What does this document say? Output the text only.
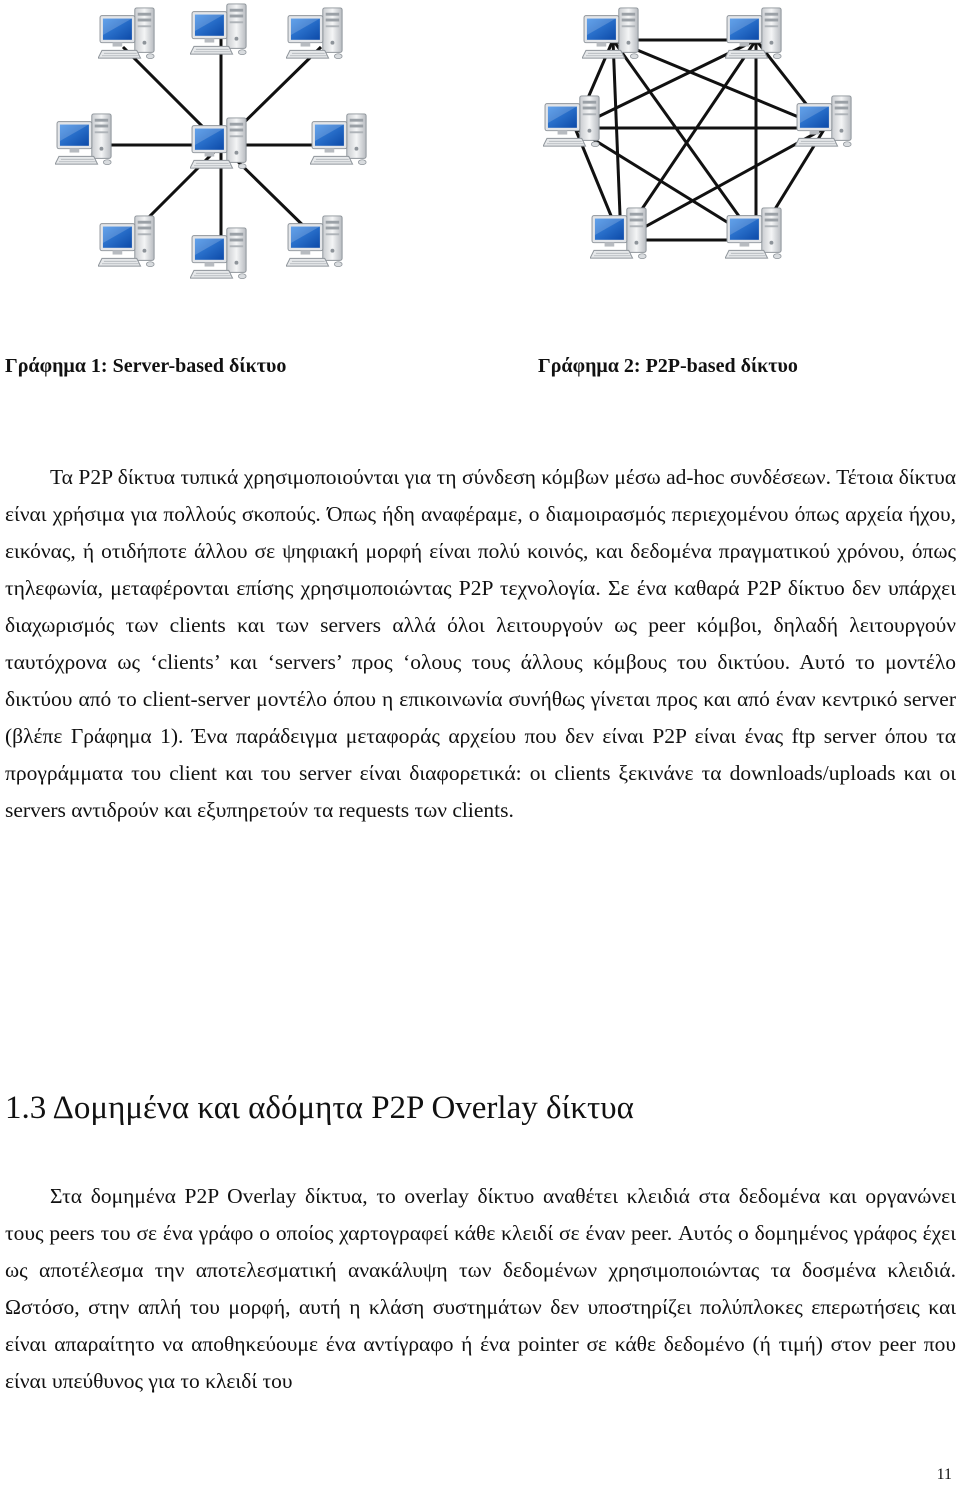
Γράφημα 1: Server-based δίκτυο	Γράφημα 2: P2P-based δίκτυο

Τα P2P δίκτυα τυπικά χρησιμοποιούνται για τη σύνδεση κόμβων μέσω ad-hoc συνδέσεων. Τέτοια δίκτυα είναι χρήσιμα για πολλούς σκοπούς. Όπως ήδη αναφέραμε, ο διαμοιρασμός περιεχομένου όπως αρχεία ήχου, εικόνας, ή οτιδήποτε άλλου σε ψηφιακή μορφή είναι πολύ κοινός, και δεδομένα πραγματικού χρόνου, όπως τηλεφωνία, μεταφέρονται επίσης χρησιμοποιώντας P2P τεχνολογία. Σε ένα καθαρά P2P δίκτυο δεν υπάρχει διαχωρισμός των clients και των servers αλλά όλοι λειτουργούν ως peer κόμβοι, δηλαδή λειτουργούν ταυτόχρονα ως ‘clients’ και ‘servers’ προς ‘ολους τους άλλους κόμβους του δικτύου. Αυτό το μοντέλο δικτύου από το client-server μοντέλο όπου η επικοινωνία συνήθως γίνεται προς και από έναν κεντρικό server (βλέπε Γράφημα 1). Ένα παράδειγμα μεταφοράς αρχείου που δεν είναι P2P είναι ένας ftp server όπου τα προγράμματα του client και του server είναι διαφορετικά: οι clients ξεκινάνε τα downloads/uploads και οι servers αντιδρούν και εξυπηρετούν τα requests των clients.

1.3 Δομημένα και αδόμητα P2P Overlay δίκτυα

Στα δομημένα P2P Overlay δίκτυα, το overlay δίκτυο αναθέτει κλειδιά στα δεδομένα και οργανώνει τους peers του σε ένα γράφο ο οποίος χαρτογραφεί κάθε κλειδί σε έναν peer. Αυτός ο δομημένος γράφος έχει ως αποτέλεσμα την αποτελεσματική ανακάλυψη των δεδομένων χρησιμοποιώντας τα δοσμένα κλειδιά. Ωστόσο, στην απλή του μορφή, αυτή η κλάση συστημάτων δεν υποστηρίζει πολύπλοκες επερωτήσεις και είναι απαραίτητο να αποθηκεύουμε ένα αντίγραφο ή ένα pointer σε κάθε δεδομένο (ή τιμή) στον peer που είναι υπεύθυνος για το κλειδί του

11
